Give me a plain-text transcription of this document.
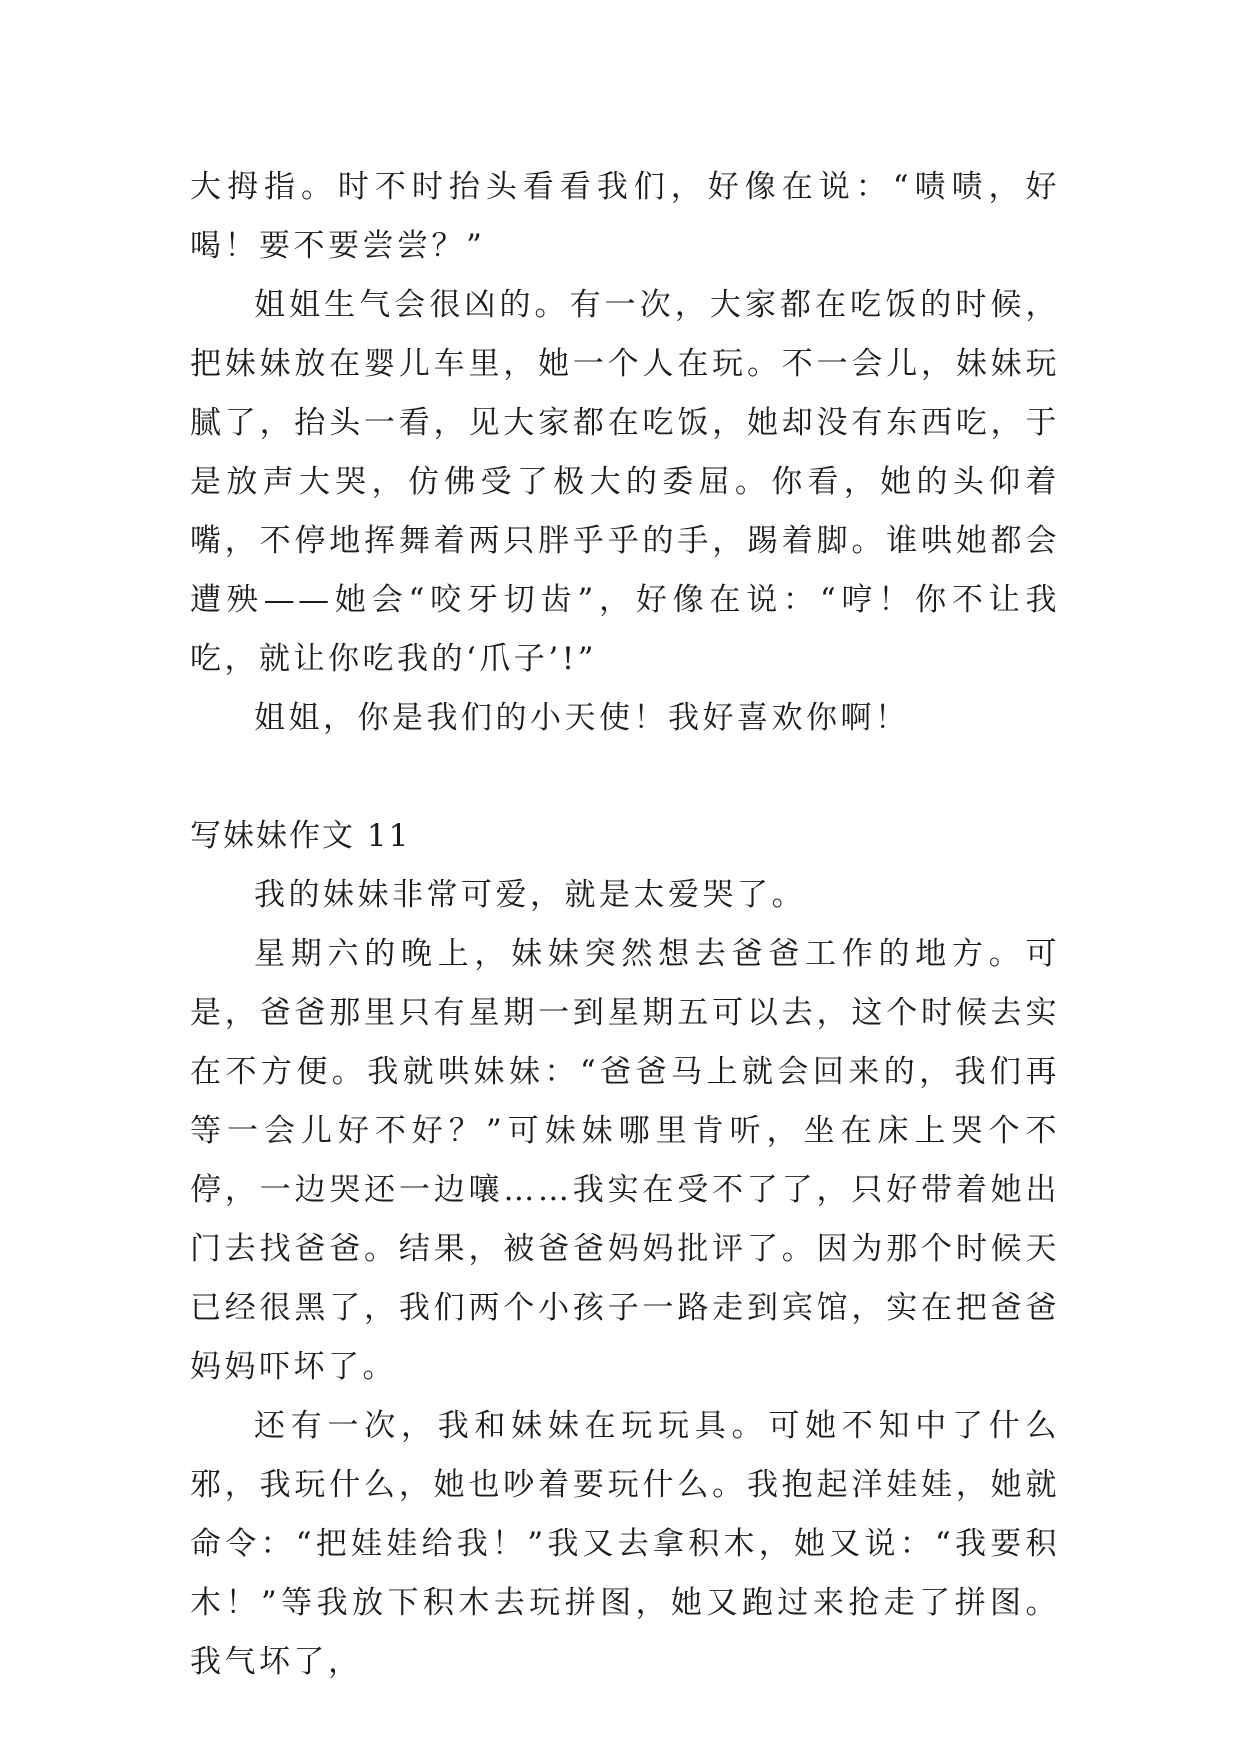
大拇指。时不时抬头看看我们，好像在说：“啧啧，好喝！要不要尝尝？”

姐姐生气会很凶的。有一次，大家都在吃饭的时候，把妹妹放在婴儿车里，她一个人在玩。不一会儿，妹妹玩腻了，抬头一看，见大家都在吃饭，她却没有东西吃，于是放声大哭，仿佛受了极大的委屈。你看，她的头仰着嘴，不停地挥舞着两只胖乎乎的手，踢着脚。谁哄她都会遭殃——她会“咬牙切齿”，好像在说：“哼！你不让我吃，就让你吃我的‘爪子’!”

姐姐，你是我们的小天使！我好喜欢你啊！

写妹妹作文 11

我的妹妹非常可爱，就是太爱哭了。

星期六的晚上，妹妹突然想去爸爸工作的地方。可是，爸爸那里只有星期一到星期五可以去，这个时候去实在不方便。我就哄妹妹：“爸爸马上就会回来的，我们再等一会儿好不好？”可妹妹哪里肯听，坐在床上哭个不停，一边哭还一边嚷……我实在受不了了，只好带着她出门去找爸爸。结果，被爸爸妈妈批评了。因为那个时候天已经很黑了，我们两个小孩子一路走到宾馆，实在把爸爸妈妈吓坏了。

还有一次，我和妹妹在玩玩具。可她不知中了什么邪，我玩什么，她也吵着要玩什么。我抱起洋娃娃，她就命令：“把娃娃给我！”我又去拿积木，她又说：“我要积木！”等我放下积木去玩拼图，她又跑过来抢走了拼图。我气坏了，
